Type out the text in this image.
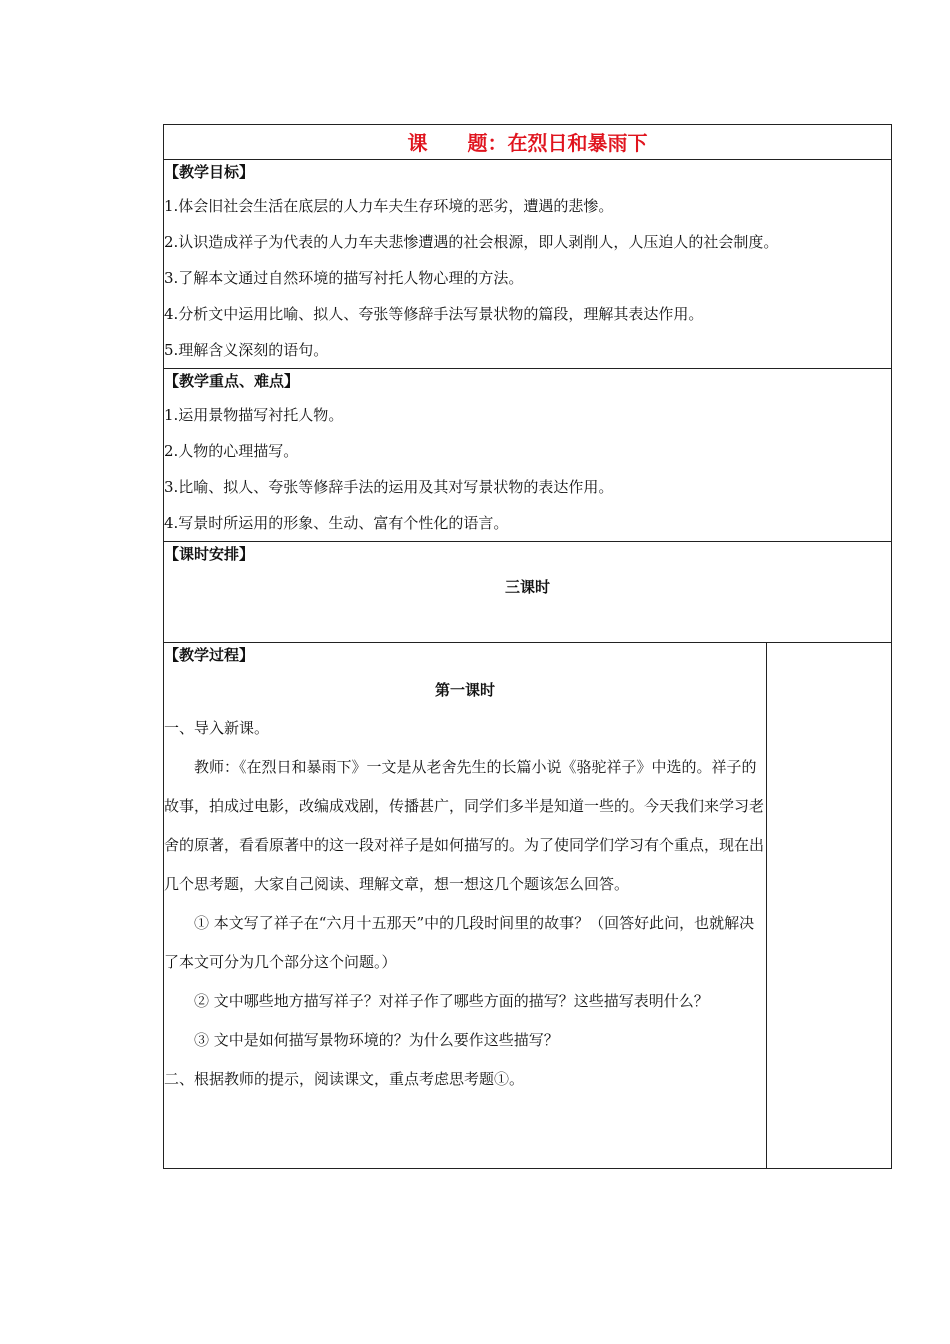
课　　题：在烈日和暴雨下

【教学目标】

1.体会旧社会生活在底层的人力车夫生存环境的恶劣，遭遇的悲惨。

2.认识造成祥子为代表的人力车夫悲惨遭遇的社会根源，即人剥削人，人压迫人的社会制度。

3.了解本文通过自然环境的描写衬托人物心理的方法。

4.分析文中运用比喻、拟人、夸张等修辞手法写景状物的篇段，理解其表达作用。

5.理解含义深刻的语句。

【教学重点、难点】

1.运用景物描写衬托人物。

2.人物的心理描写。

3.比喻、拟人、夸张等修辞手法的运用及其对写景状物的表达作用。

4.写景时所运用的形象、生动、富有个性化的语言。

【课时安排】

三课时

【教学过程】

第一课时

一、导入新课。

教师：《在烈日和暴雨下》一文是从老舍先生的长篇小说《骆驼祥子》中选的。祥子的故事，拍成过电影，改编成戏剧，传播甚广，同学们多半是知道一些的。今天我们来学习老舍的原著，看看原著中的这一段对祥子是如何描写的。为了使同学们学习有个重点，现在出几个思考题，大家自己阅读、理解文章，想一想这几个题该怎么回答。

① 本文写了祥子在“六月十五那天”中的几段时间里的故事？（回答好此问，也就解决了本文可分为几个部分这个问题。）

② 文中哪些地方描写祥子？对祥子作了哪些方面的描写？这些描写表明什么？

③ 文中是如何描写景物环境的？为什么要作这些描写？

二、根据教师的提示，阅读课文，重点考虑思考题①。
